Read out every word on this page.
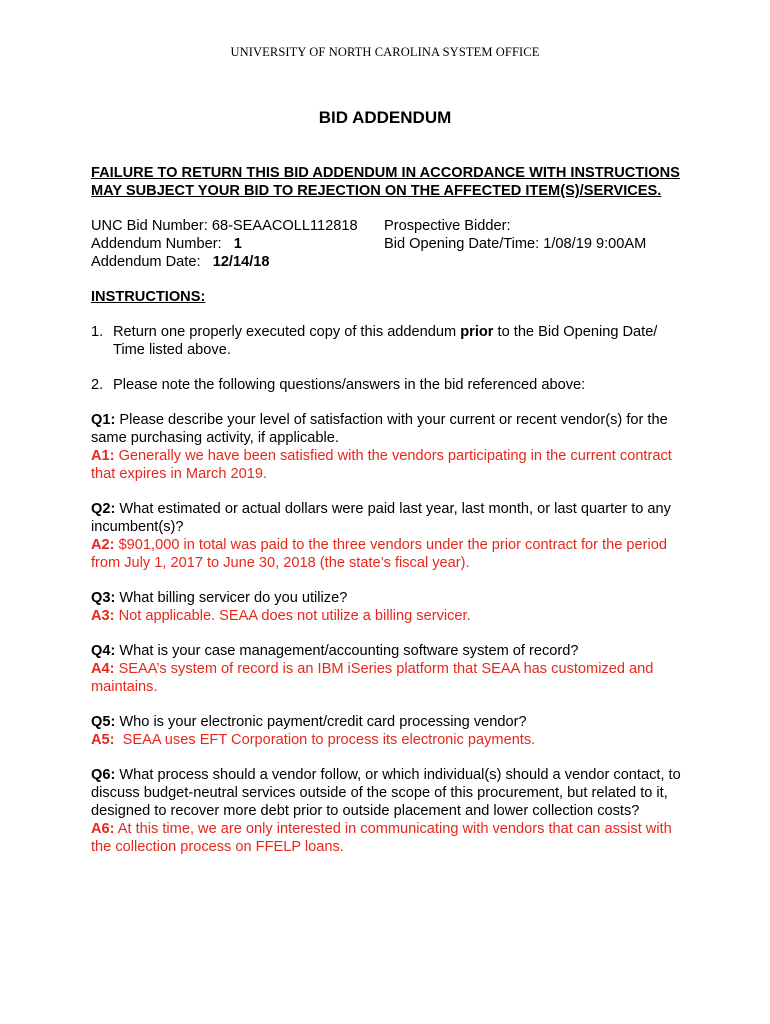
UNIVERSITY OF NORTH CAROLINA SYSTEM OFFICE
BID ADDENDUM
FAILURE TO RETURN THIS BID ADDENDUM IN ACCORDANCE WITH INSTRUCTIONS MAY SUBJECT YOUR BID TO REJECTION ON THE AFFECTED ITEM(S)/SERVICES.
UNC Bid Number: 68-SEAACOLL112818
Addendum Number: 1
Addendum Date: 12/14/18
Prospective Bidder:
Bid Opening Date/Time: 1/08/19 9:00AM
INSTRUCTIONS:
1. Return one properly executed copy of this addendum prior to the Bid Opening Date/ Time listed above.
2. Please note the following questions/answers in the bid referenced above:
Q1: Please describe your level of satisfaction with your current or recent vendor(s) for the same purchasing activity, if applicable.
A1: Generally we have been satisfied with the vendors participating in the current contract that expires in March 2019.
Q2: What estimated or actual dollars were paid last year, last month, or last quarter to any incumbent(s)?
A2: $901,000 in total was paid to the three vendors under the prior contract for the period from July 1, 2017 to June 30, 2018 (the state’s fiscal year).
Q3: What billing servicer do you utilize?
A3: Not applicable. SEAA does not utilize a billing servicer.
Q4: What is your case management/accounting software system of record?
A4: SEAA’s system of record is an IBM iSeries platform that SEAA has customized and maintains.
Q5: Who is your electronic payment/credit card processing vendor?
A5:  SEAA uses EFT Corporation to process its electronic payments.
Q6: What process should a vendor follow, or which individual(s) should a vendor contact, to discuss budget-neutral services outside of the scope of this procurement, but related to it, designed to recover more debt prior to outside placement and lower collection costs?
A6: At this time, we are only interested in communicating with vendors that can assist with the collection process on FFELP loans.
